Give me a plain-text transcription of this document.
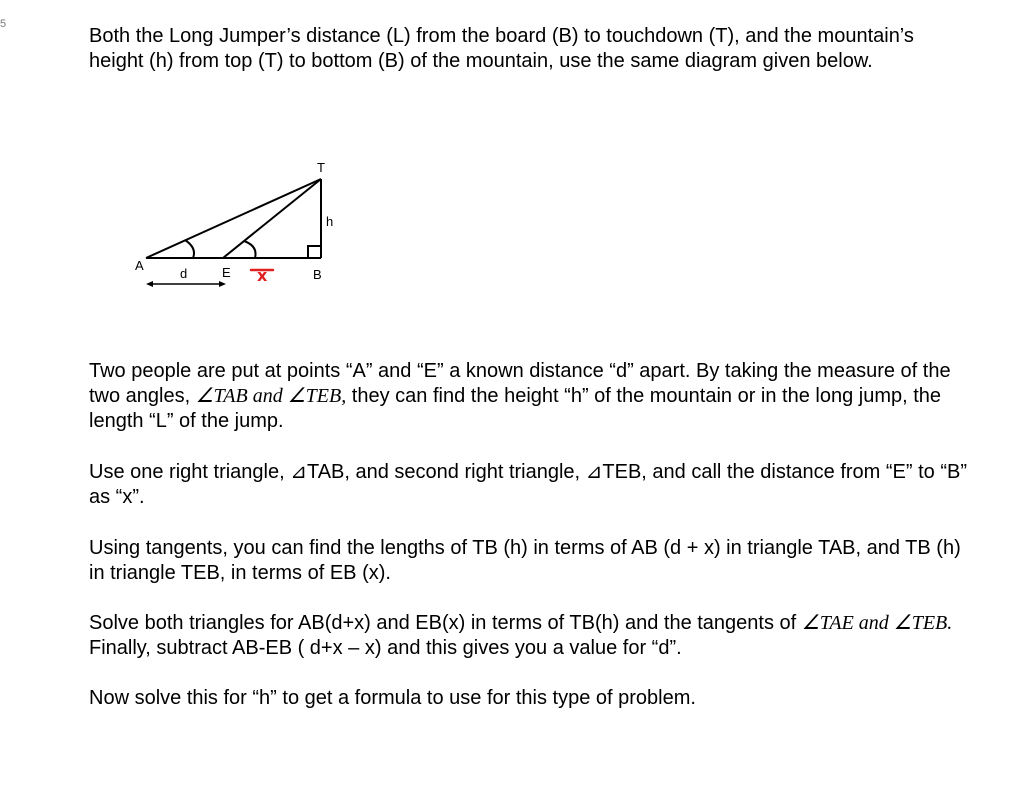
5

Both the Long Jumper’s distance (L) from the board (B) to touchdown (T), and the mountain’s height (h) from top (T) to bottom (B) of the mountain, use the same diagram given below.

T
h
A
d	E	B
x

Two people are put at points “A” and “E” a known distance “d” apart. By taking the measure of the two angles, ∠TAB and ∠TEB, they can find the height “h” of the mountain or in the long jump, the length “L” of the jump.

Use one right triangle, ⊿TAB, and second right triangle, ⊿TEB, and call the distance from “E” to “B” as “x”.

Using tangents, you can find the lengths of TB (h) in terms of AB (d + x) in triangle TAB, and TB (h) in triangle TEB, in terms of EB (x).

Solve both triangles for AB(d+x) and EB(x) in terms of TB(h) and the tangents of ∠TAE and ∠TEB. Finally, subtract AB-EB ( d+x – x) and this gives you a value for “d”.

Now solve this for “h” to get a formula to use for this type of problem.
